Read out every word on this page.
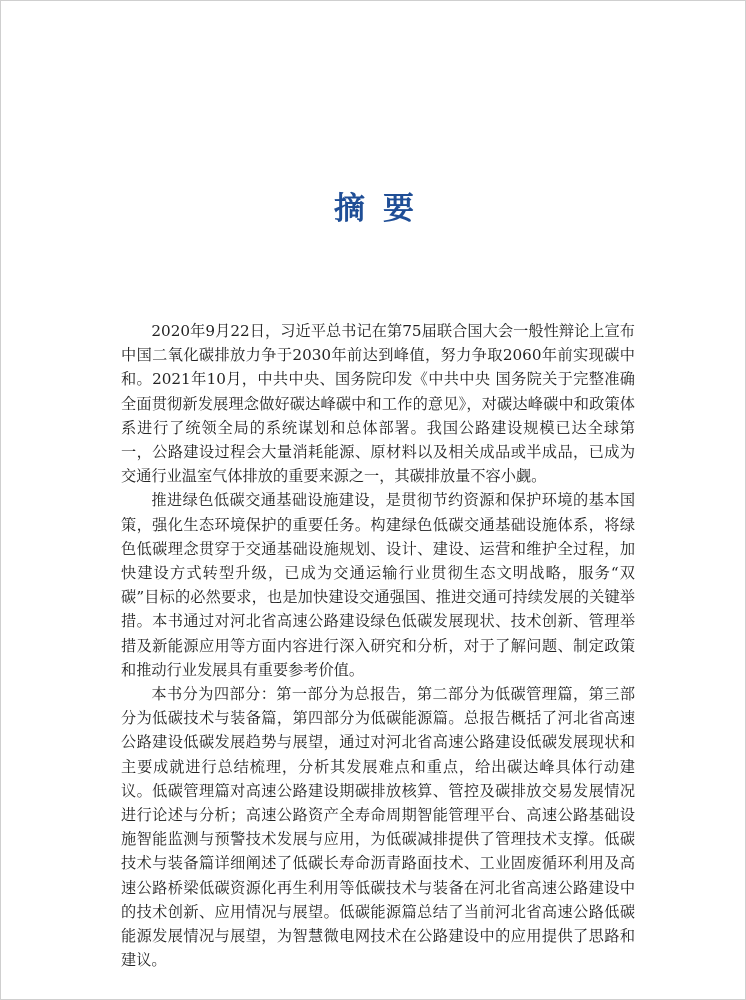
摘要

2020年9月22日，习近平总书记在第75届联合国大会一般性辩论上宣布中国二氧化碳排放力争于2030年前达到峰值，努力争取2060年前实现碳中和。2021年10月，中共中央、国务院印发《中共中央 国务院关于完整准确全面贯彻新发展理念做好碳达峰碳中和工作的意见》，对碳达峰碳中和政策体系进行了统领全局的系统谋划和总体部署。我国公路建设规模已达全球第一，公路建设过程会大量消耗能源、原材料以及相关成品或半成品，已成为交通行业温室气体排放的重要来源之一，其碳排放量不容小觑。

推进绿色低碳交通基础设施建设，是贯彻节约资源和保护环境的基本国策，强化生态环境保护的重要任务。构建绿色低碳交通基础设施体系，将绿色低碳理念贯穿于交通基础设施规划、设计、建设、运营和维护全过程，加快建设方式转型升级，已成为交通运输行业贯彻生态文明战略，服务“双碳”目标的必然要求，也是加快建设交通强国、推进交通可持续发展的关键举措。本书通过对河北省高速公路建设绿色低碳发展现状、技术创新、管理举措及新能源应用等方面内容进行深入研究和分析，对于了解问题、制定政策和推动行业发展具有重要参考价值。

本书分为四部分：第一部分为总报告，第二部分为低碳管理篇，第三部分为低碳技术与装备篇，第四部分为低碳能源篇。总报告概括了河北省高速公路建设低碳发展趋势与展望，通过对河北省高速公路建设低碳发展现状和主要成就进行总结梳理，分析其发展难点和重点，给出碳达峰具体行动建议。低碳管理篇对高速公路建设期碳排放核算、管控及碳排放交易发展情况进行论述与分析；高速公路资产全寿命周期智能管理平台、高速公路基础设施智能监测与预警技术发展与应用，为低碳减排提供了管理技术支撑。低碳技术与装备篇详细阐述了低碳长寿命沥青路面技术、工业固废循环利用及高速公路桥梁低碳资源化再生利用等低碳技术与装备在河北省高速公路建设中的技术创新、应用情况与展望。低碳能源篇总结了当前河北省高速公路低碳能源发展情况与展望，为智慧微电网技术在公路建设中的应用提供了思路和建议。
